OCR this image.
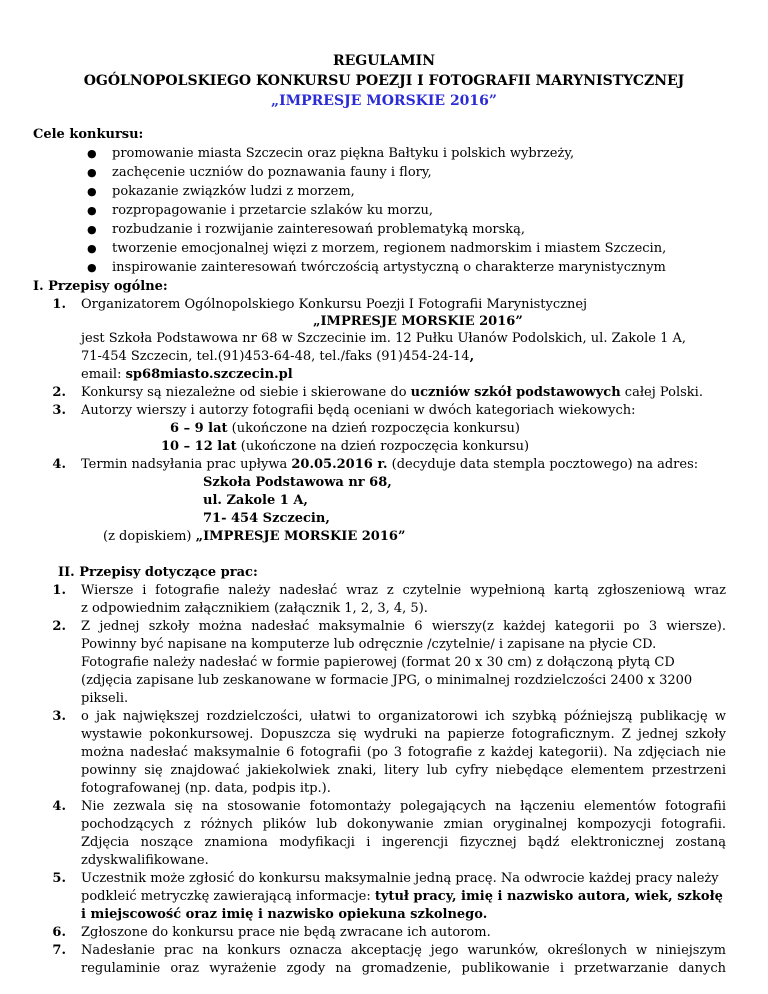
REGULAMIN
OGÓLNOPOLSKIEGO KONKURSU POEZJI I FOTOGRAFII MARYNISTYCZNEJ
„IMPRESJE MORSKIE 2016”
Cele konkursu:
● promowanie miasta Szczecin oraz piękna Bałtyku i polskich wybrzeży,
● zachęcenie uczniów do poznawania fauny i flory,
● pokazanie związków ludzi z morzem,
● rozpropagowanie i przetarcie szlaków ku morzu,
● rozbudzanie i rozwijanie zainteresowań problematyką morską,
● tworzenie emocjonalnej więzi z morzem, regionem nadmorskim i miastem Szczecin,
● inspirowanie zainteresowań twórczością artystyczną o charakterze marynistycznym
I. Przepisy ogólne:
1. Organizatorem Ogólnopolskiego Konkursu Poezji I Fotografii Marynistycznej
„IMPRESJE MORSKIE 2016”
jest Szkoła Podstawowa nr 68 w Szczecinie im. 12 Pułku Ułanów Podolskich, ul. Zakole 1 A,
71-454 Szczecin, tel.(91)453-64-48, tel./faks (91)454-24-14,
email: sp68miasto.szczecin.pl
2. Konkursy są niezależne od siebie i skierowane do uczniów szkół podstawowych całej Polski.
3. Autorzy wierszy i autorzy fotografii będą oceniani w dwóch kategoriach wiekowych:
6 – 9 lat (ukończone na dzień rozpoczęcia konkursu)
10 – 12 lat (ukończone na dzień rozpoczęcia konkursu)
4. Termin nadsyłania prac upływa 20.05.2016 r. (decyduje data stempla pocztowego) na adres:
Szkoła Podstawowa nr 68,
ul. Zakole 1 A,
71- 454 Szczecin,
(z dopiskiem) „IMPRESJE MORSKIE 2016”
II. Przepisy dotyczące prac:
1. Wiersze i fotografie należy nadesłać wraz z czytelnie wypełnioną kartą zgłoszeniową wraz
z odpowiednim załącznikiem (załącznik 1, 2, 3, 4, 5).
2. Z jednej szkoły można nadesłać maksymalnie 6 wierszy(z każdej kategorii po 3 wiersze).
Powinny być napisane na komputerze lub odręcznie /czytelnie/ i zapisane na płycie CD.
Fotografie należy nadesłać w formie papierowej (format 20 x 30 cm) z dołączoną płytą CD
(zdjęcia zapisane lub zeskanowane w formacie JPG, o minimalnej rozdzielczości 2400 x 3200
pikseli.
3. o jak największej rozdzielczości, ułatwi to organizatorowi ich szybką późniejszą publikację w
wystawie pokonkursowej. Dopuszcza się wydruki na papierze fotograficznym. Z jednej szkoły
można nadesłać maksymalnie 6 fotografii (po 3 fotografie z każdej kategorii). Na zdjęciach nie
powinny się znajdować jakiekolwiek znaki, litery lub cyfry niebędące elementem przestrzeni
fotografowanej (np. data, podpis itp.).
4. Nie zezwala się na stosowanie fotomontaży polegających na łączeniu elementów fotografii
pochodzących z różnych plików lub dokonywanie zmian oryginalnej kompozycji fotografii.
Zdjęcia noszące znamiona modyfikacji i ingerencji fizycznej bądź elektronicznej zostaną
zdyskwalifikowane.
5. Uczestnik może zgłosić do konkursu maksymalnie jedną pracę. Na odwrocie każdej pracy należy
podkleić metryczkę zawierającą informacje: tytuł pracy, imię i nazwisko autora, wiek, szkołę
i miejscowość oraz imię i nazwisko opiekuna szkolnego.
6. Zgłoszone do konkursu prace nie będą zwracane ich autorom.
7. Nadesłanie prac na konkurs oznacza akceptację jego warunków, określonych w niniejszym
regulaminie oraz wyrażenie zgody na gromadzenie, publikowanie i przetwarzanie danych
